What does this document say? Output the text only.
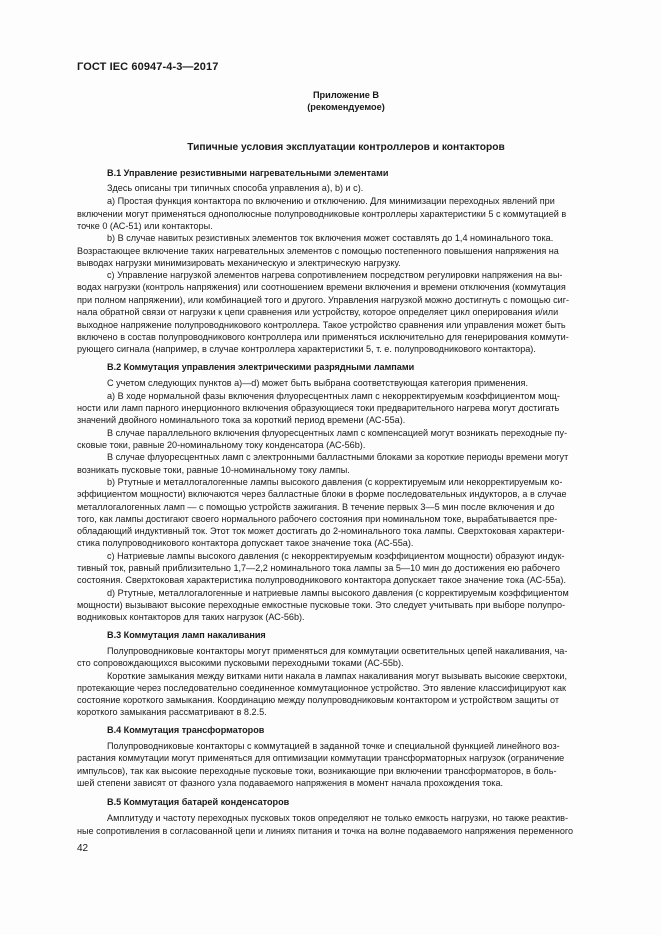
ГОСТ IEC 60947-4-3—2017
Приложение В
(рекомендуемое)
Типичные условия эксплуатации контроллеров и контакторов
В.1 Управление резистивными нагревательными элементами
Здесь описаны три типичных способа управления а), b) и с).
а) Простая функция контактора по включению и отключению. Для минимизации переходных явлений при
включении могут применяться однополюсные полупроводниковые контроллеры характеристики 5 с коммутацией в
точке 0 (АС-51) или контакторы.
b) В случае навитых резистивных элементов ток включения может составлять до 1,4 номинального тока.
Возрастающее включение таких нагревательных элементов с помощью постепенного повышения напряжения на
выводах нагрузки минимизировать механическую и электрическую нагрузку.
с) Управление нагрузкой элементов нагрева сопротивлением посредством регулировки напряжения на вы-
водах нагрузки (контроль напряжения) или соотношением времени включения и времени отключения (коммутация
при полном напряжении), или комбинацией того и другого. Управления нагрузкой можно достигнуть с помощью сиг-
нала обратной связи от нагрузки к цепи сравнения или устройству, которое определяет цикл оперирования и/или
выходное напряжение полупроводникового контроллера. Такое устройство сравнения или управления может быть
включено в состав полупроводникового контроллера или применяться исключительно для генерирования коммути-
рующего сигнала (например, в случае контроллера характеристики 5, т. е. полупроводникового контактора).
В.2 Коммутация управления электрическими разрядными лампами
С учетом следующих пунктов а)—d) может быть выбрана соответствующая категория применения.
а) В ходе нормальной фазы включения флуоресцентных ламп с некорректируемым коэффициентом мощ-
ности или ламп парного инерционного включения образующиеся токи предварительного нагрева могут достигать
значений двойного номинального тока за короткий период времени (АС-55а).
В случае параллельного включения флуоресцентных ламп с компенсацией могут возникать переходные пу-
сковые токи, равные 20-номинальному току конденсатора (АС-56b).
В случае флуоресцентных ламп с электронными балластными блоками за короткие периоды времени могут
возникать пусковые токи, равные 10-номинальному току лампы.
b) Ртутные и металлогалогенные лампы высокого давления (с корректируемым или некорректируемым ко-
эффициентом мощности) включаются через балластные блоки в форме последовательных индукторов, а в случае
металлогалогенных ламп — с помощью устройств зажигания. В течение первых 3—5 мин после включения и до
того, как лампы достигают своего нормального рабочего состояния при номинальном токе, вырабатывается пре-
обладающий индуктивный ток. Этот ток может достигать до 2-номинального тока лампы. Сверхтоковая характери-
стика полупроводникового контактора допускает такое значение тока (АС-55а).
с) Натриевые лампы высокого давления (с некорректируемым коэффициентом мощности) образуют индук-
тивный ток, равный приблизительно 1,7—2,2 номинального тока лампы за 5—10 мин до достижения ею рабочего
состояния. Сверхтоковая характеристика полупроводникового контактора допускает такое значение тока (АС-55а).
d) Ртутные, металлогалогенные и натриевые лампы высокого давления (с корректируемым коэффициентом
мощности) вызывают высокие переходные емкостные пусковые токи. Это следует учитывать при выборе полупро-
водниковых контакторов для таких нагрузок (АС-56b).
В.3 Коммутация ламп накаливания
Полупроводниковые контакторы могут применяться для коммутации осветительных цепей накаливания, ча-
сто сопровождающихся высокими пусковыми переходными токами (АС-55b).
Короткие замыкания между витками нити накала в лампах накаливания могут вызывать высокие сверхтоки,
протекающие через последовательно соединенное коммутационное устройство. Это явление классифицируют как
состояние короткого замыкания. Координацию между полупроводниковым контактором и устройством защиты от
короткого замыкания рассматривают в 8.2.5.
В.4 Коммутация трансформаторов
Полупроводниковые контакторы с коммутацией в заданной точке и специальной функцией линейного воз-
растания коммутации могут применяться для оптимизации коммутации трансформаторных нагрузок (ограничение
импульсов), так как высокие переходные пусковые токи, возникающие при включении трансформаторов, в боль-
шей степени зависят от фазного узла подаваемого напряжения в момент начала прохождения тока.
В.5 Коммутация батарей конденсаторов
Амплитуду и частоту переходных пусковых токов определяют не только емкость нагрузки, но также реактив-
ные сопротивления в согласованной цепи и линиях питания и точка на волне подаваемого напряжения переменного
42
